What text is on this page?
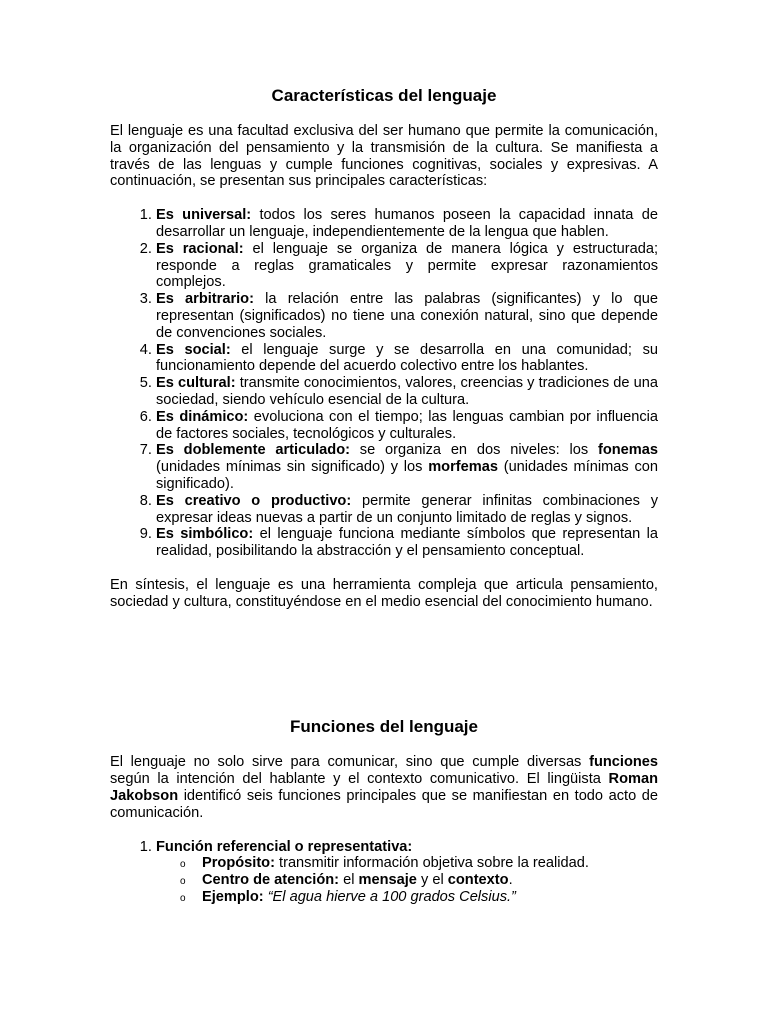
Características del lenguaje

El lenguaje es una facultad exclusiva del ser humano que permite la comunicación, la organización del pensamiento y la transmisión de la cultura. Se manifiesta a través de las lenguas y cumple funciones cognitivas, sociales y expresivas. A continuación, se presentan sus principales características:

1. Es universal: todos los seres humanos poseen la capacidad innata de desarrollar un lenguaje, independientemente de la lengua que hablen.
2. Es racional: el lenguaje se organiza de manera lógica y estructurada; responde a reglas gramaticales y permite expresar razonamientos complejos.
3. Es arbitrario: la relación entre las palabras (significantes) y lo que representan (significados) no tiene una conexión natural, sino que depende de convenciones sociales.
4. Es social: el lenguaje surge y se desarrolla en una comunidad; su funcionamiento depende del acuerdo colectivo entre los hablantes.
5. Es cultural: transmite conocimientos, valores, creencias y tradiciones de una sociedad, siendo vehículo esencial de la cultura.
6. Es dinámico: evoluciona con el tiempo; las lenguas cambian por influencia de factores sociales, tecnológicos y culturales.
7. Es doblemente articulado: se organiza en dos niveles: los fonemas (unidades mínimas sin significado) y los morfemas (unidades mínimas con significado).
8. Es creativo o productivo: permite generar infinitas combinaciones y expresar ideas nuevas a partir de un conjunto limitado de reglas y signos.
9. Es simbólico: el lenguaje funciona mediante símbolos que representan la realidad, posibilitando la abstracción y el pensamiento conceptual.

En síntesis, el lenguaje es una herramienta compleja que articula pensamiento, sociedad y cultura, constituyéndose en el medio esencial del conocimiento humano.

Funciones del lenguaje

El lenguaje no solo sirve para comunicar, sino que cumple diversas funciones según la intención del hablante y el contexto comunicativo. El lingüista Roman Jakobson identificó seis funciones principales que se manifiestan en todo acto de comunicación.

1. Función referencial o representativa:
o Propósito: transmitir información objetiva sobre la realidad.
o Centro de atención: el mensaje y el contexto.
o Ejemplo: “El agua hierve a 100 grados Celsius.”
